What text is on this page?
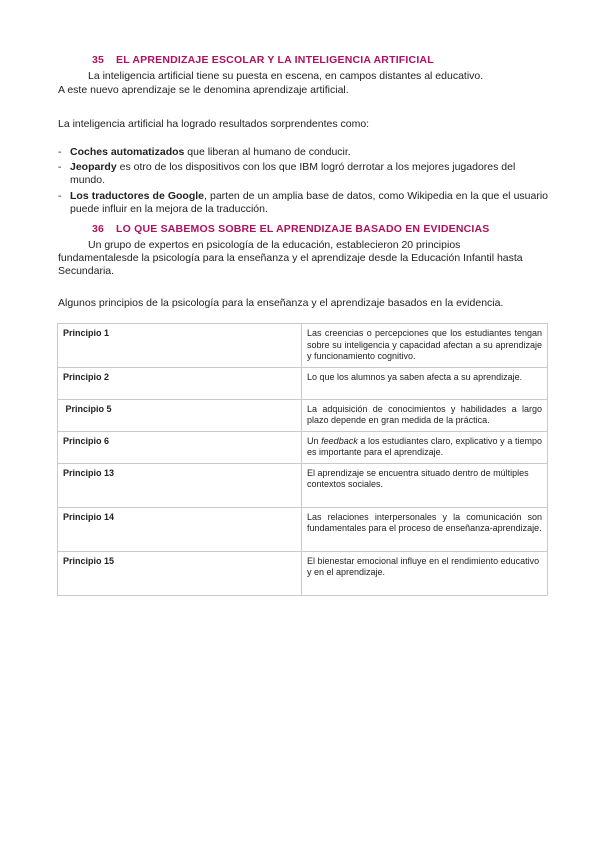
35 EL APRENDIZAJE ESCOLAR Y LA INTELIGENCIA ARTIFICIAL
La inteligencia artificial tiene su puesta en escena, en campos distantes al educativo.
A este nuevo aprendizaje se le denomina aprendizaje artificial.
La inteligencia artificial ha logrado resultados sorprendentes como:
- Coches automatizados que liberan al humano de conducir.
- Jeopardy es otro de los dispositivos con los que IBM logró derrotar a los mejores jugadores del mundo.
- Los traductores de Google, parten de un amplia base de datos, como Wikipedia en la que el usuario puede influir en la mejora de la traducción.
36 LO QUE SABEMOS SOBRE EL APRENDIZAJE BASADO EN EVIDENCIAS
Un grupo de expertos en psicología de la educación, establecieron 20 principios fundamentalesde la psicología para la enseñanza y el aprendizaje desde la Educación Infantil hasta Secundaria.
Algunos principios de la psicología para la enseñanza y el aprendizaje basados en la evidencia.
Principio 1	Las creencias o percepciones que los estudiantes tengan sobre su inteligencia y capacidad afectan a su aprendizaje y funcionamiento cognitivo.
Principio 2	Lo que los alumnos ya saben afecta a su aprendizaje.
Principio 5	La adquisición de conocimientos y habilidades a largo plazo depende en gran medida de la práctica.
Principio 6	Un feedback a los estudiantes claro, explicativo y a tiempo es importante para el aprendizaje.
Principio 13	El aprendizaje se encuentra situado dentro de múltiples contextos sociales.
Principio 14	Las relaciones interpersonales y la comunicación son fundamentales para el proceso de enseñanza-aprendizaje.
Principio 15	El bienestar emocional influye en el rendimiento educativo y en el aprendizaje.
